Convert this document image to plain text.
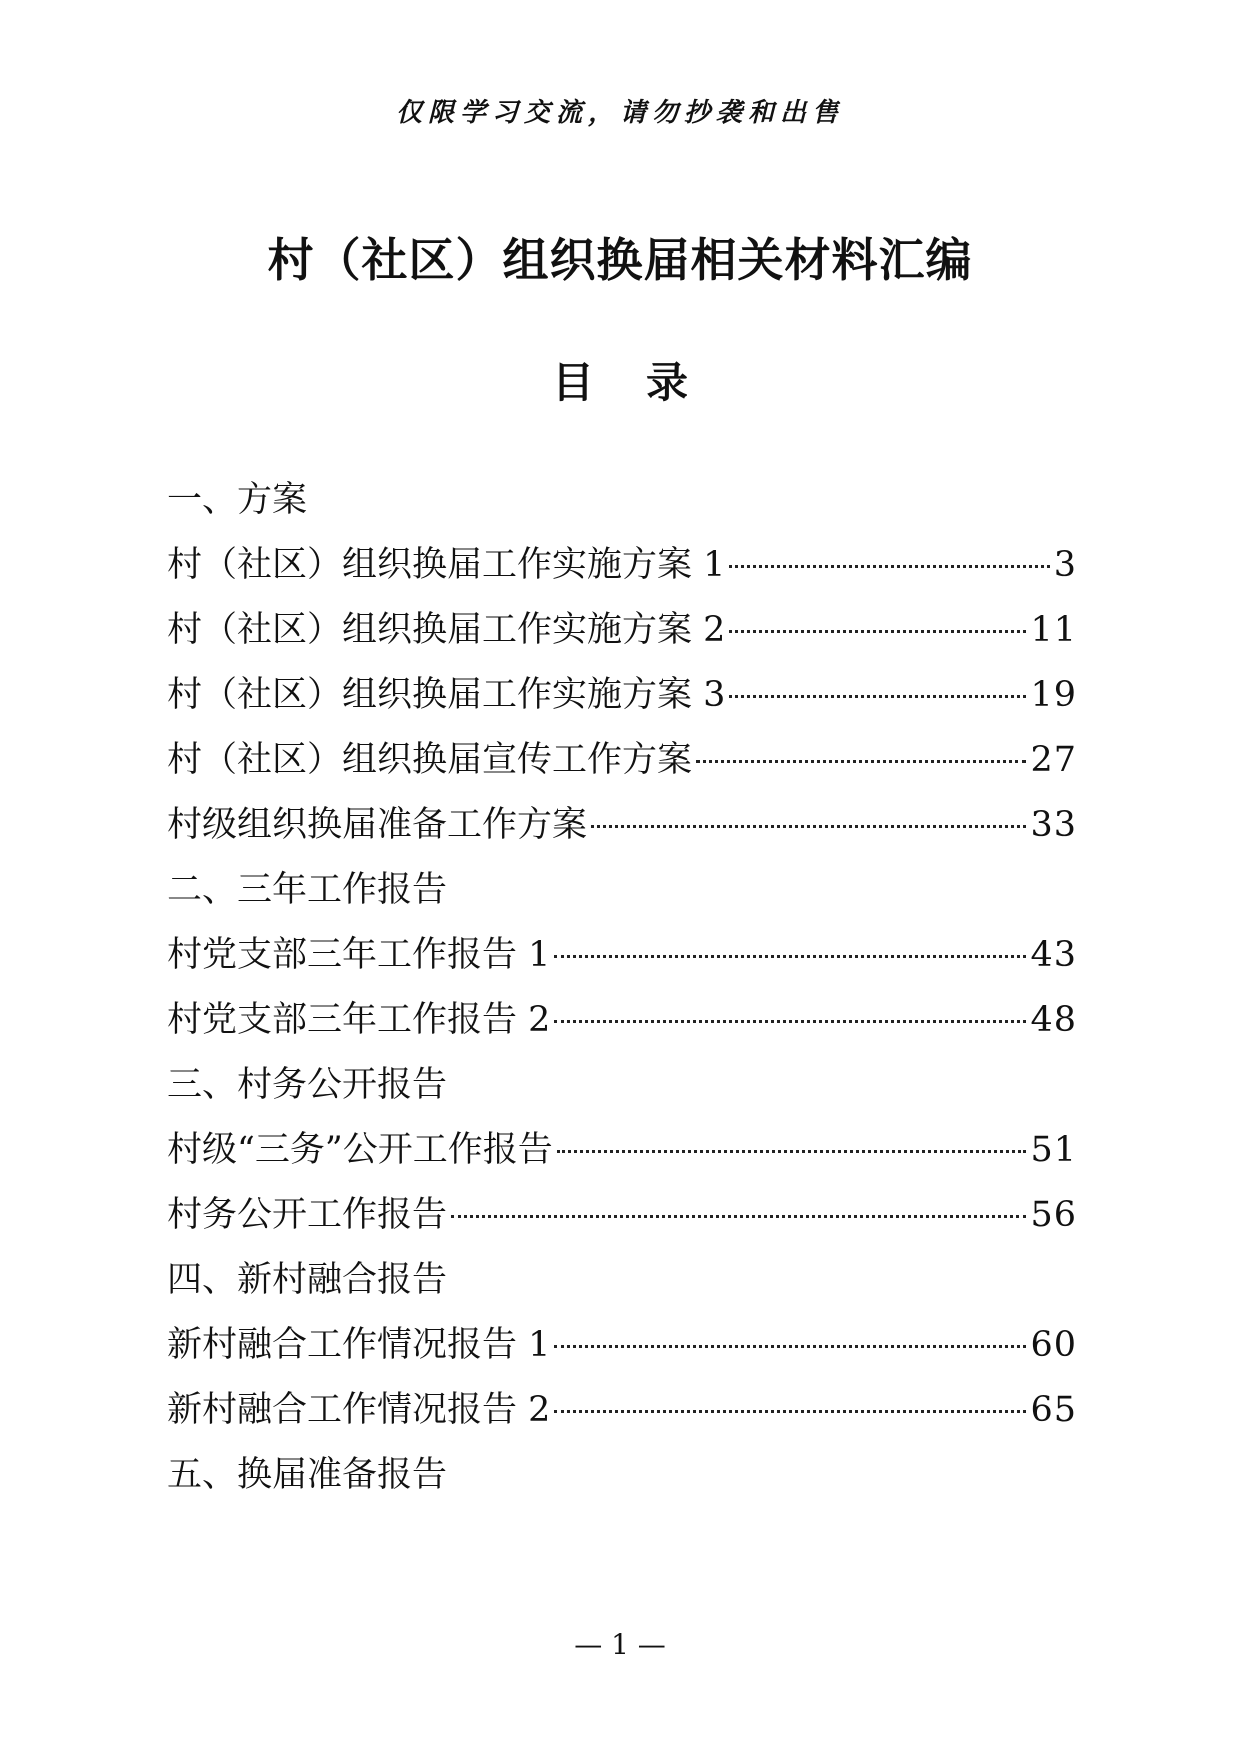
仅限学习交流，请勿抄袭和出售
村（社区）组织换届相关材料汇编
目 录
一、方案
村（社区）组织换届工作实施方案 1	3
村（社区）组织换届工作实施方案 2	11
村（社区）组织换届工作实施方案 3	19
村（社区）组织换届宣传工作方案	27
村级组织换届准备工作方案	33
二、三年工作报告
村党支部三年工作报告 1	43
村党支部三年工作报告 2	48
三、村务公开报告
村级“三务”公开工作报告	51
村务公开工作报告	56
四、新村融合报告
新村融合工作情况报告 1	60
新村融合工作情况报告 2	65
五、换届准备报告
— 1 —
